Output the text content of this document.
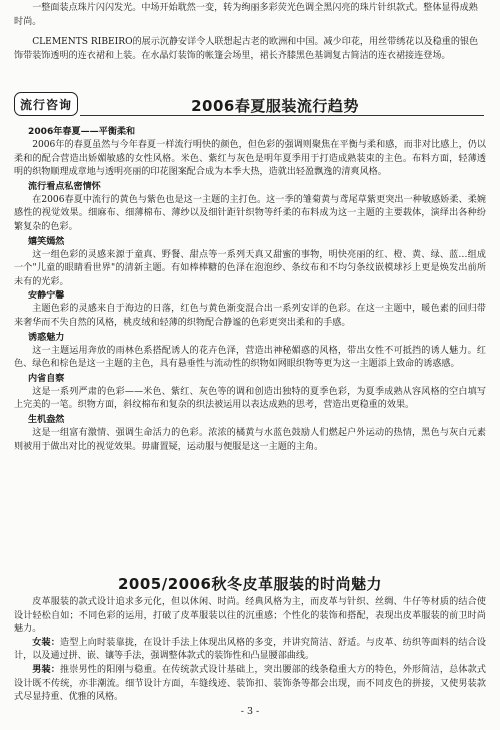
一整面装点珠片闪闪发光。中场开始耽然一变，转为绚丽多彩荧光色调全黑闪亮的珠片针织款式。整体显得成熟时尚。

CLEMENTS RIBEIRO的展示沉静安详令人联想起古老的欧洲和中国。减少印花，用丝带绣花以及稳重的银色饰带装饰透明的连衣裙和上装。在水晶灯装饰的帐篷会场里，裙长齐膝黑色基调复古简洁的连衣裙接连登场。

流行咨询	2006春夏服装流行趋势
2006年春夏——平衡柔和

2006年的春夏虽然与今年春夏一样流行明快的颜色，但色彩的强调则聚焦在平衡与柔和感，而非对比感上，仍以柔和的配合营造出娇媚敏感的女性风格。米色、紫红与灰色是明年夏季用于打造成熟装束的主色。布料方面，轻薄透明的织物顺理成章地与透明亮丽的印花图案配合成为本季大热，造就出轻盈飘逸的清爽风格。

流行看点私密情怀

在2006春夏中流行的黄色与紫色也是这一主题的主打色。这一季的雏菊黄与鸢尾草紫更突出一种敏感娇柔、柔婉感性的视觉效果。细麻布、细薄棉布、薄纱以及细针距针织物等纤柔的布料成为这一主题的主要载体，演绎出各种纷繁复杂的色彩。

嬉笑嫣然

这一组色彩的灵感来源于童真、野餐、甜点等一系列天真又甜蜜的事物，明快亮丽的红、橙、黄、绿、蓝…组成一个"儿童的眼睛看世界"的清新主题。有如棒棒糖的色泽在泡泡纱、条纹布和不均匀条纹嵌模球衫上更是焕发出前所未有的光彩。

安静宁馨

主题色彩的灵感来自于海边的日落，红色与黄色渐变混合出一系列安详的色彩。在这一主题中，暖色素的回归带来奢华而不失自然的风格，桃皮绒和轻薄的织物配合静谧的色彩更突出柔和的手感。

诱惑魅力

这一主题运用奔放的雨林色系搭配诱人的花卉色泽，营造出神秘媚惑的风格，带出女性不可抵挡的诱人魅力。红色、绿色和棕色是这一主题的主色，具有悬垂性与流动性的织物如网眼织物等更为这一主题添上致命的诱惑感。

内省自察

这是一系列严肃的色彩——米色、紫红、灰色等的调和创造出独特的夏季色彩，为夏季成熟从容风格的空白填写上完美的一笔。织物方面，斜纹棉布和复杂的织法被运用以表达成熟的思考，营造出更稳重的效果。

生机盎然

这是一组富有激情、强调生命活力的色彩。浓浓的橘黄与水蓝色鼓励人们燃起户外运动的热情，黑色与灰白元素则被用于做出对比的视觉效果。毋庸置疑，运动服与便服是这一主题的主角。

2005/2006秋冬皮革服装的时尚魅力

皮革服装的款式设计追求多元化，但以休闲、时尚。经典风格为主，而皮革与针织、丝绸、牛仔等材质的结合使设计轻松自如；不同色彩的运用，打破了皮革服装以往的沉重感；个性化的装饰和搭配，表现出皮革服装的前卫时尚魅力。

女装：造型上向时装靠拢，在设计手法上体现出风格的多变，并讲究简洁、舒适。与皮革、纺织等面料的结合设计，以及通过拼、嵌、镶等手法，强调整体款式的装饰性和凸显腰部曲线。

男装：推崇男性的阳刚与稳重。在传统款式设计基础上，突出腰部的线条稳重大方的特色，外形简洁，总体款式设计既不传统，亦非潮流。细节设计方面，车缝线迹、装饰扣、装饰条等都会出现，而不同皮色的拼接，又使男装款式尽显持重、优雅的风格。

- 3 -
